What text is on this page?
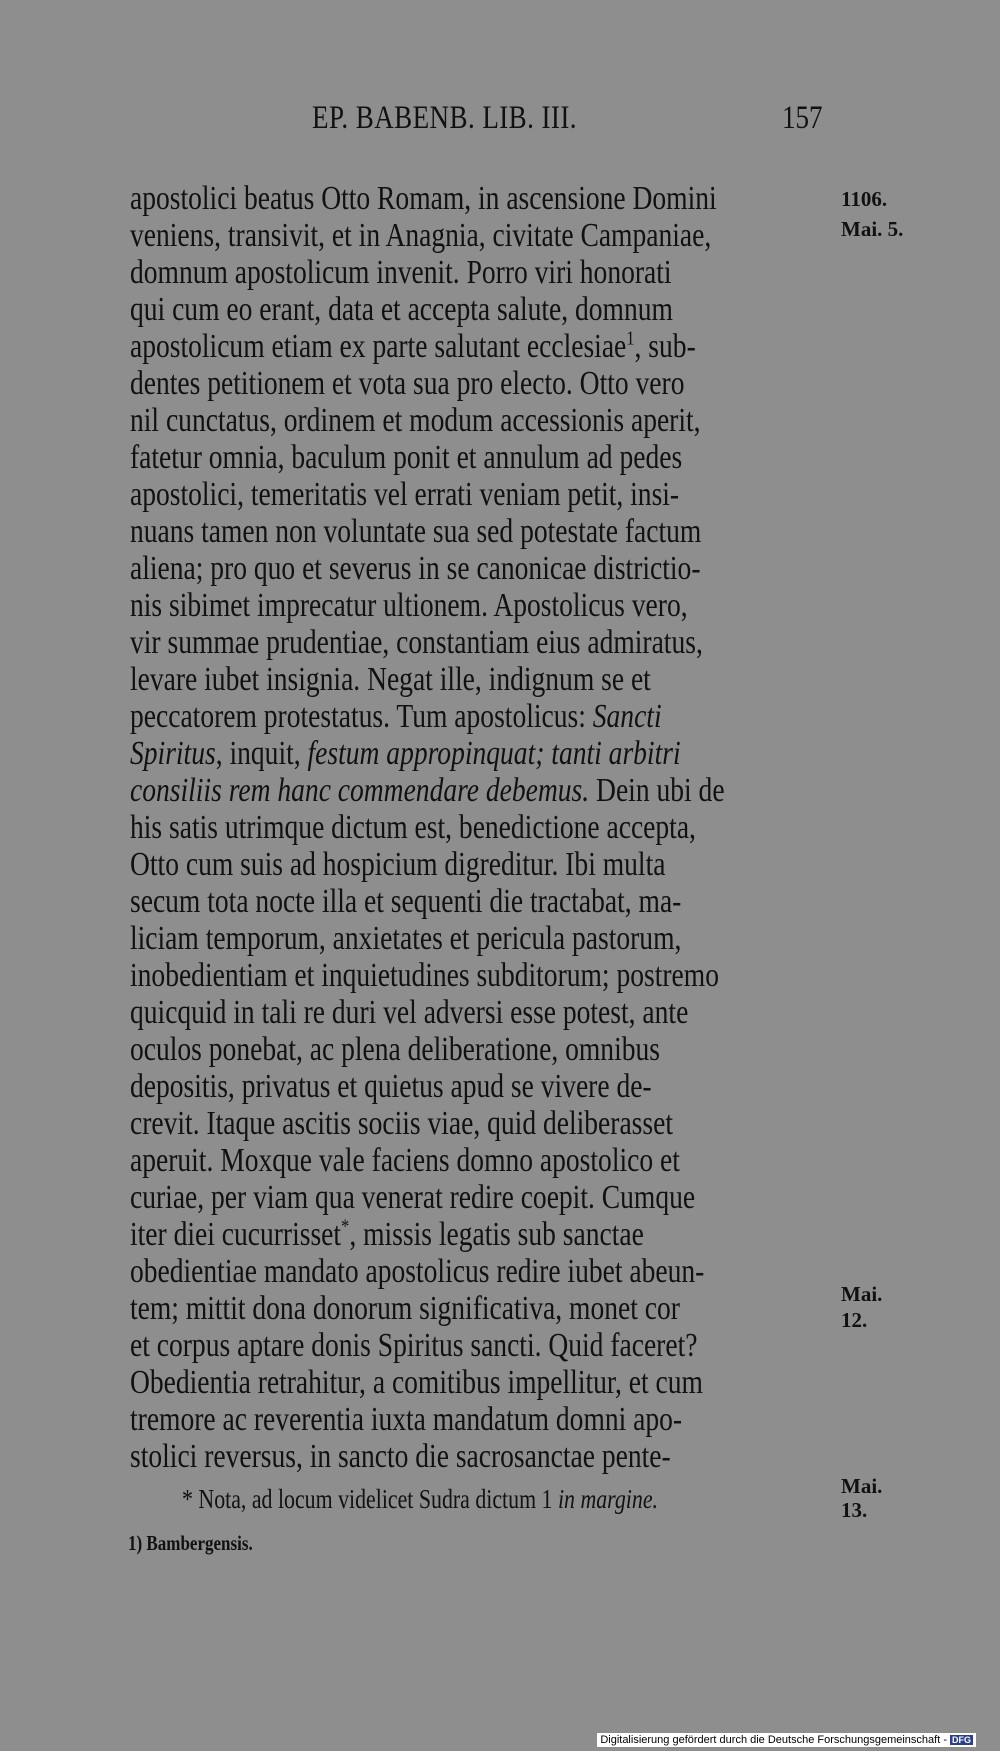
EP. BABENB. LIB. III.	157
apostolici beatus Otto Romam, in ascensione Domini
veniens, transivit, et in Anagnia, civitate Campaniae,
domnum apostolicum invenit. Porro viri honorati
qui cum eo erant, data et accepta salute, domnum
apostolicum etiam ex parte salutant ecclesiae$^1$, sub-
dentes petitionem et vota sua pro electo. Otto vero
nil cunctatus, ordinem et modum accessionis aperit,
fatetur omnia, baculum ponit et annulum ad pedes
apostolici, temeritatis vel errati veniam petit, insi-
nuans tamen non voluntate sua sed potestate factum
aliena; pro quo et severus in se canonicae districtio-
nis sibimet imprecatur ultionem. Apostolicus vero,
vir summae prudentiae, constantiam eius admiratus,
levare iubet insignia. Negat ille, indignum se et
peccatorem protestatus. Tum apostolicus: Sancti
Spiritus, inquit, festum appropinquat; tanti arbitri
consiliis rem hanc commendare debemus. Dein ubi de
his satis utrimque dictum est, benedictione accepta,
Otto cum suis ad hospicium digreditur. Ibi multa
secum tota nocte illa et sequenti die tractabat, ma-
liciam temporum, anxietates et pericula pastorum,
inobedientiam et inquietudines subditorum; postremo
quicquid in tali re duri vel adversi esse potest, ante
oculos ponebat, ac plena deliberatione, omnibus
depositis, privatus et quietus apud se vivere de-
crevit. Itaque ascitis sociis viae, quid deliberasset
aperuit. Moxque vale faciens domno apostolico et
curiae, per viam qua venerat redire coepit. Cumque
iter diei cucurrisset*, missis legatis sub sanctae
obedientiae mandato apostolicus redire iubet abeun-
tem; mittit dona donorum significativa, monet cor
et corpus aptare donis Spiritus sancti. Quid faceret?
Obedientia retrahitur, a comitibus impellitur, et cum
tremore ac reverentia iuxta mandatum domni apo-
stolici reversus, in sancto die sacrosanctae pente-
* Nota, ad locum videlicet Sudra dictum 1 in margine.
1) Bambergensis.
1106.
Mai. 5.
Mai.
12.
Mai.
13.
Digitalisierung gefördert durch die Deutsche Forschungsgemeinschaft - DFG
